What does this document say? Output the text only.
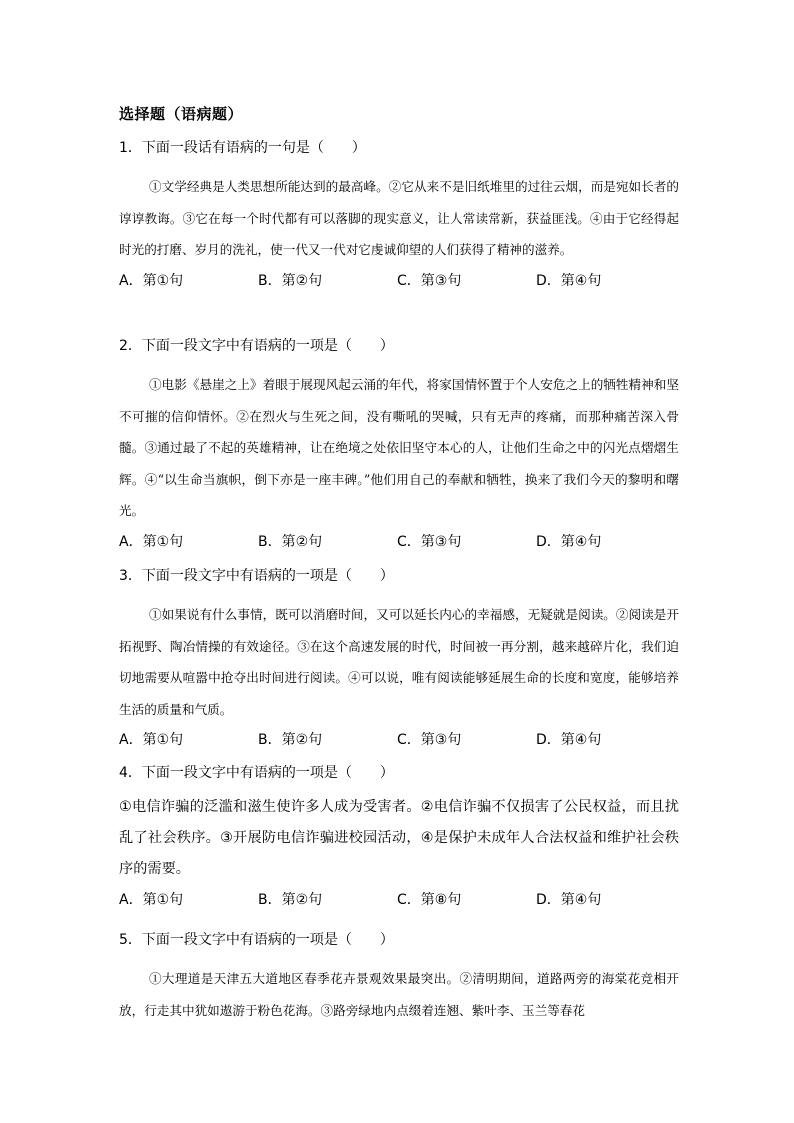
选择题（语病题）
1．下面一段话有语病的一句是（　　）
①文学经典是人类思想所能达到的最高峰。②它从来不是旧纸堆里的过往云烟，而是宛如长者的谆谆教诲。③它在每一个时代都有可以落脚的现实意义，让人常读常新，获益匪浅。④由于它经得起时光的打磨、岁月的洗礼，使一代又一代对它虔诚仰望的人们获得了精神的滋养。
A．第①句	B．第②句	C．第③句	D．第④句
2．下面一段文字中有语病的一项是（　　）
①电影《悬崖之上》着眼于展现风起云涌的年代，将家国情怀置于个人安危之上的牺牲精神和坚不可摧的信仰情怀。②在烈火与生死之间，没有嘶吼的哭喊，只有无声的疼痛，而那种痛苦深入骨髓。③通过最了不起的英雄精神，让在绝境之处依旧坚守本心的人，让他们生命之中的闪光点熠熠生辉。④“以生命当旗帜，倒下亦是一座丰碑。”他们用自己的奉献和牺牲，换来了我们今天的黎明和曙光。
A．第①句	B．第②句	C．第③句	D．第④句
3．下面一段文字中有语病的一项是（　　）
①如果说有什么事情，既可以消磨时间，又可以延长内心的幸福感，无疑就是阅读。②阅读是开拓视野、陶冶情操的有效途径。③在这个高速发展的时代，时间被一再分割，越来越碎片化，我们迫切地需要从喧嚣中抢夺出时间进行阅读。④可以说，唯有阅读能够延展生命的长度和宽度，能够培养生活的质量和气质。
A．第①句	B．第②句	C．第③句	D．第④句
4．下面一段文字中有语病的一项是（　　）
①电信诈骗的泛滥和滋生使许多人成为受害者。②电信诈骗不仅损害了公民权益，而且扰乱了社会秩序。③开展防电信诈骗进校园活动，④是保护未成年人合法权益和维护社会秩序的需要。
A．第①句	B．第②句	C．第⑧句	D．第④句
5．下面一段文字中有语病的一项是（　　）
①大理道是天津五大道地区春季花卉景观效果最突出。②清明期间，道路两旁的海棠花竞相开放，行走其中犹如遨游于粉色花海。③路旁绿地内点缀着连翘、紫叶李、玉兰等春花
